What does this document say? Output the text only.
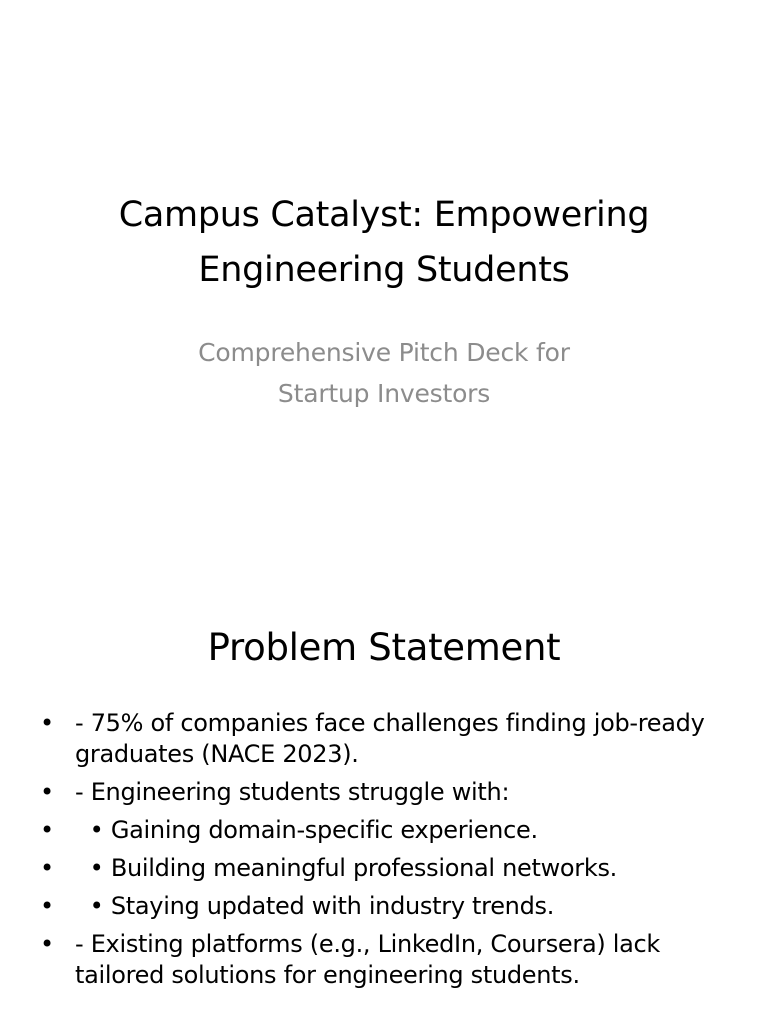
Campus Catalyst: Empowering
Engineering Students

Comprehensive Pitch Deck for
Startup Investors

Problem Statement
• - 75% of companies face challenges finding job-ready graduates (NACE 2023).
• - Engineering students struggle with:
• • Gaining domain-specific experience.
• • Building meaningful professional networks.
• • Staying updated with industry trends.
• - Existing platforms (e.g., LinkedIn, Coursera) lack tailored solutions for engineering students.
